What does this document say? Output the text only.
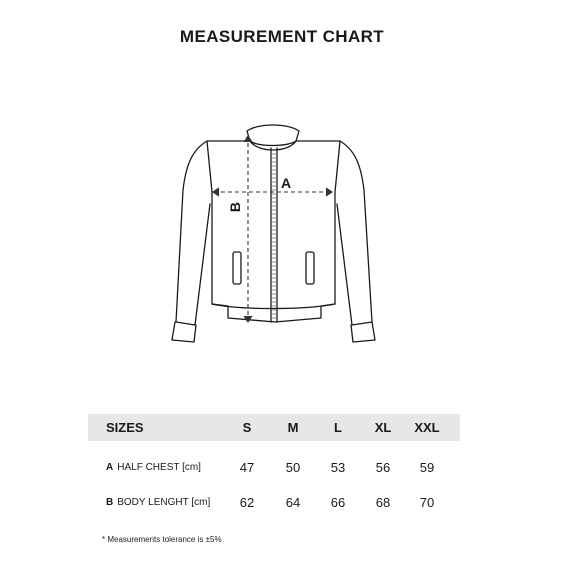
MEASUREMENT CHART
A
B
SIZES	S	M	L	XL	XXL
A HALF CHEST [cm]	47	50	53	56	59
B BODY LENGHT [cm]	62	64	66	68	70
* Measurements tolerance is ±5%
